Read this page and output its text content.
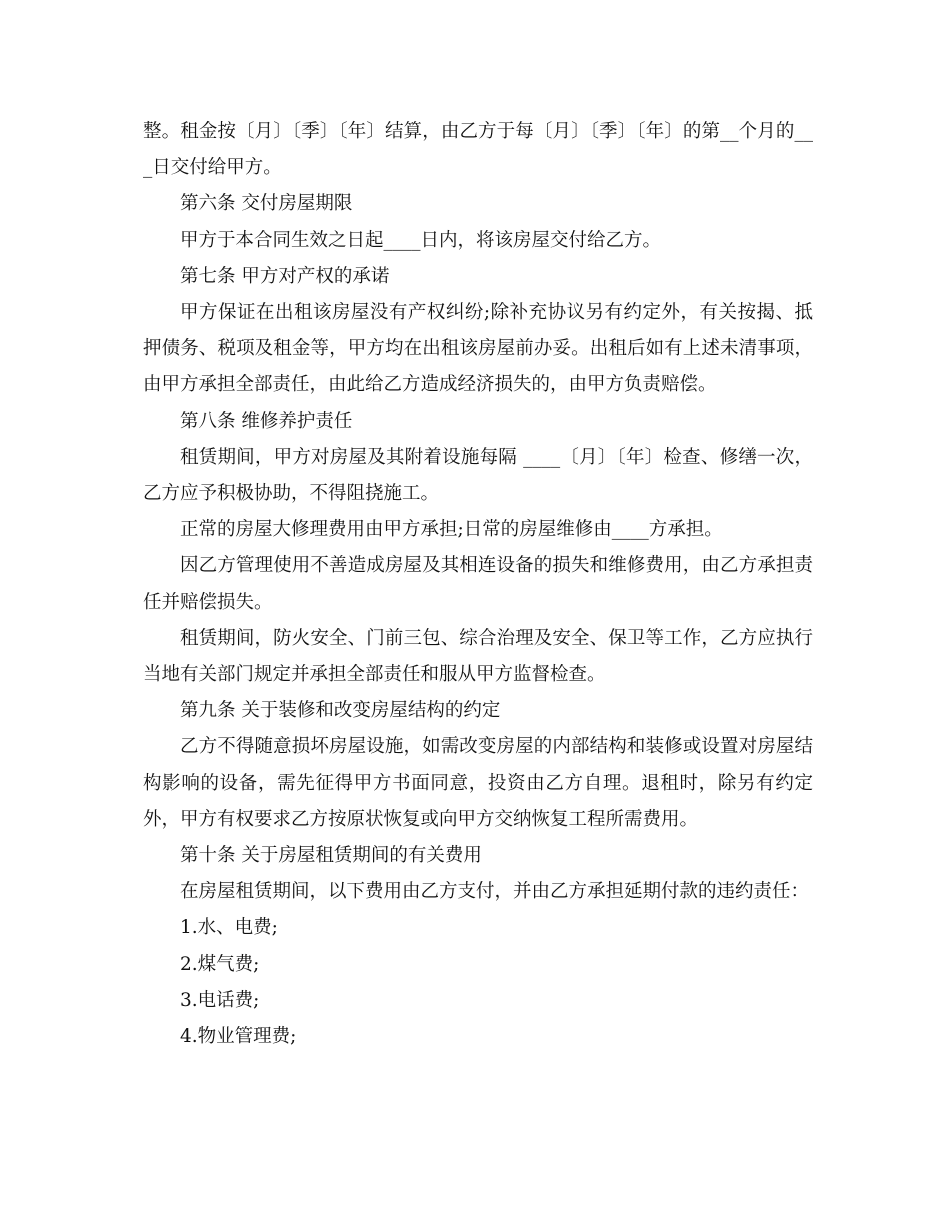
整。租金按〔月〕〔季〕〔年〕结算，由乙方于每〔月〕〔季〕〔年〕的第__个月的___日交付给甲方。

第六条 交付房屋期限

甲方于本合同生效之日起____日内，将该房屋交付给乙方。

第七条 甲方对产权的承诺

甲方保证在出租该房屋没有产权纠纷;除补充协议另有约定外，有关按揭、抵押债务、税项及租金等，甲方均在出租该房屋前办妥。出租后如有上述未清事项，由甲方承担全部责任，由此给乙方造成经济损失的，由甲方负责赔偿。

第八条 维修养护责任

租赁期间，甲方对房屋及其附着设施每隔 ____〔月〕〔年〕检查、修缮一次，乙方应予积极协助，不得阻挠施工。

正常的房屋大修理费用由甲方承担;日常的房屋维修由____方承担。

因乙方管理使用不善造成房屋及其相连设备的损失和维修费用，由乙方承担责任并赔偿损失。

租赁期间，防火安全、门前三包、综合治理及安全、保卫等工作，乙方应执行当地有关部门规定并承担全部责任和服从甲方监督检查。

第九条 关于装修和改变房屋结构的约定

乙方不得随意损坏房屋设施，如需改变房屋的内部结构和装修或设置对房屋结构影响的设备，需先征得甲方书面同意，投资由乙方自理。退租时，除另有约定外，甲方有权要求乙方按原状恢复或向甲方交纳恢复工程所需费用。

第十条 关于房屋租赁期间的有关费用

在房屋租赁期间，以下费用由乙方支付，并由乙方承担延期付款的违约责任：

1.水、电费;

2.煤气费;

3.电话费;

4.物业管理费;
